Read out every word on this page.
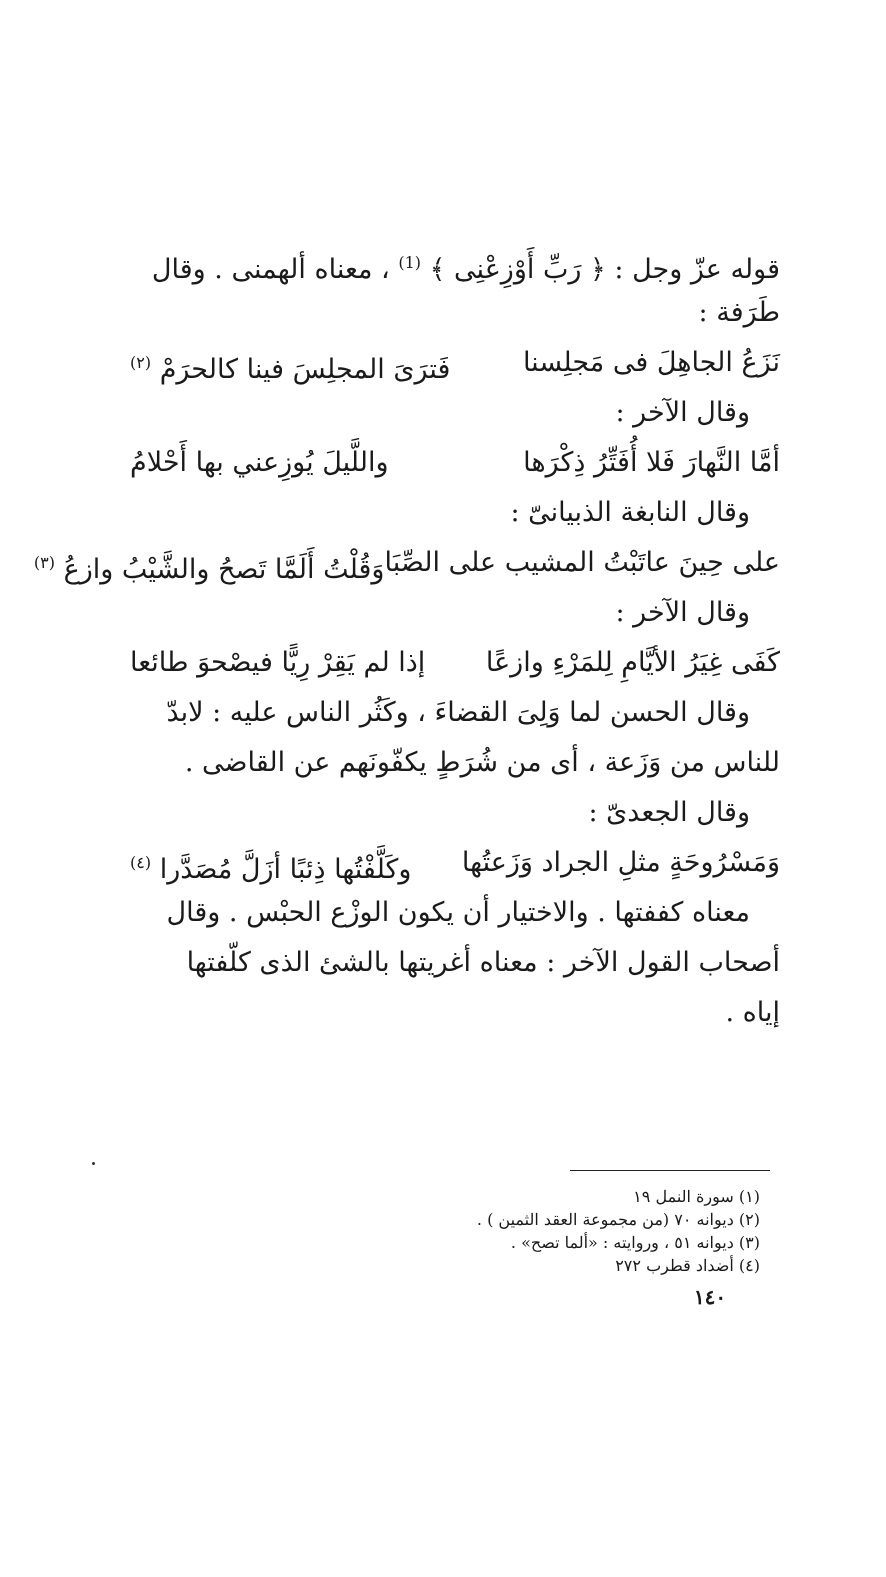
قوله عزّ وجل : ﴿ رَبِّ أَوْزِعْنِى ﴾ $^{(1)}$ ، معناه ألهمنى . وقال
طَرَفة :
نَزَعُ الجاهِلَ فى مَجلِسنا
فَترَىَ المجلِسَ فينا كالحرَمْ $^{(٢)}$
وقال الآخر :
أمَّا النَّهارَ فَلا أُفَتِّرُ ذِكْرَها
واللَّيلَ يُوزِعني بها أَحْلامُ
وقال النابغة الذبيانىّ :
على حِينَ عاتَبْتُ المشيب على الصِّبَا
وَقُلْتُ أَلَمَّا تَصحُ والشَّيْبُ وازعُ $^{(٣)}$
وقال الآخر :
كَفَى غِيَرُ الأيَّامِ لِلمَرْءِ وازعًا
إذا لم يَقِرْ رِيًّا فيصْحوَ طائعا
وقال الحسن لما وَلِىَ القضاءَ ، وكَثُر الناس عليه : لابدّ
للناس من وَزَعة ، أى من شُرَطٍ يكفّونَهم عن القاضى .
وقال الجعدىّ :
وَمَسْرُوحَةٍ مثلِ الجراد وَزَعتُها
وكَلَّفْتُها ذِئبًا أزَلَّ مُصَدَّرا $^{(٤)}$
معناه كففتها . والاختيار أن يكون الوزْع الحبْس . وقال
أصحاب القول الآخر : معناه أغريتها بالشئ الذى كلّفتها
إياه .
(١) سورة النمل ١٩
(٢) ديوانه ٧٠ (من مجموعة العقد الثمين ) .
(٣) ديوانه ٥١ ، وروايته : «ألما تصح» .
(٤) أضداد قطرب ٢٧٢
١٤٠
